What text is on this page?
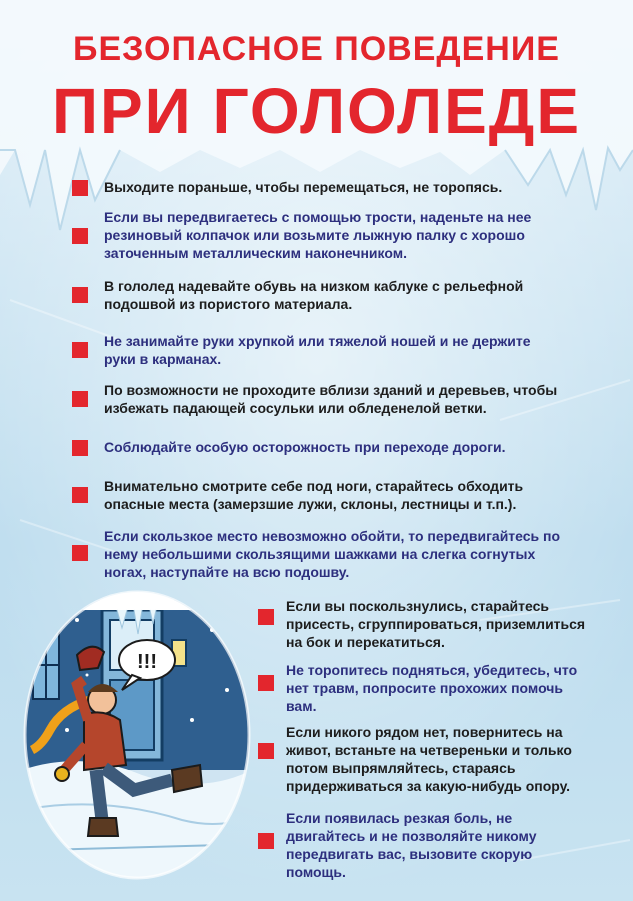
БЕЗОПАСНОЕ ПОВЕДЕНИЕ
ПРИ ГОЛОЛЕДЕ
Выходите пораньше, чтобы перемещаться, не торопясь.
Если вы передвигаетесь с помощью трости, наденьте на нее резиновый колпачок или возьмите лыжную палку с хорошо заточенным металлическим наконечником.
В гололед надевайте обувь на низком каблуке с рельефной подошвой из пористого материала.
Не занимайте руки хрупкой или тяжелой ношей и не держите руки в карманах.
По возможности не проходите вблизи зданий и деревьев, чтобы избежать падающей сосульки или обледенелой ветки.
Соблюдайте особую осторожность при переходе дороги.
Внимательно смотрите себе под ноги, старайтесь обходить опасные места (замерзшие лужи, склоны, лестницы и т.п.).
Если скользкое место невозможно обойти, то передвигайтесь по нему небольшими скользящими шажками на слегка согнутых ногах, наступайте на всю подошву.
!!!
Если вы поскользнулись, старайтесь присесть, сгруппироваться, приземлиться на бок и перекатиться.
Не торопитесь подняться, убедитесь, что нет травм, попросите прохожих помочь вам.
Если никого рядом нет, повернитесь на живот, встаньте на четвереньки и только потом выпрямляйтесь, стараясь придерживаться за какую-нибудь опору.
Если появилась резкая боль, не двигайтесь и не позволяйте никому передвигать вас, вызовите скорую помощь.
